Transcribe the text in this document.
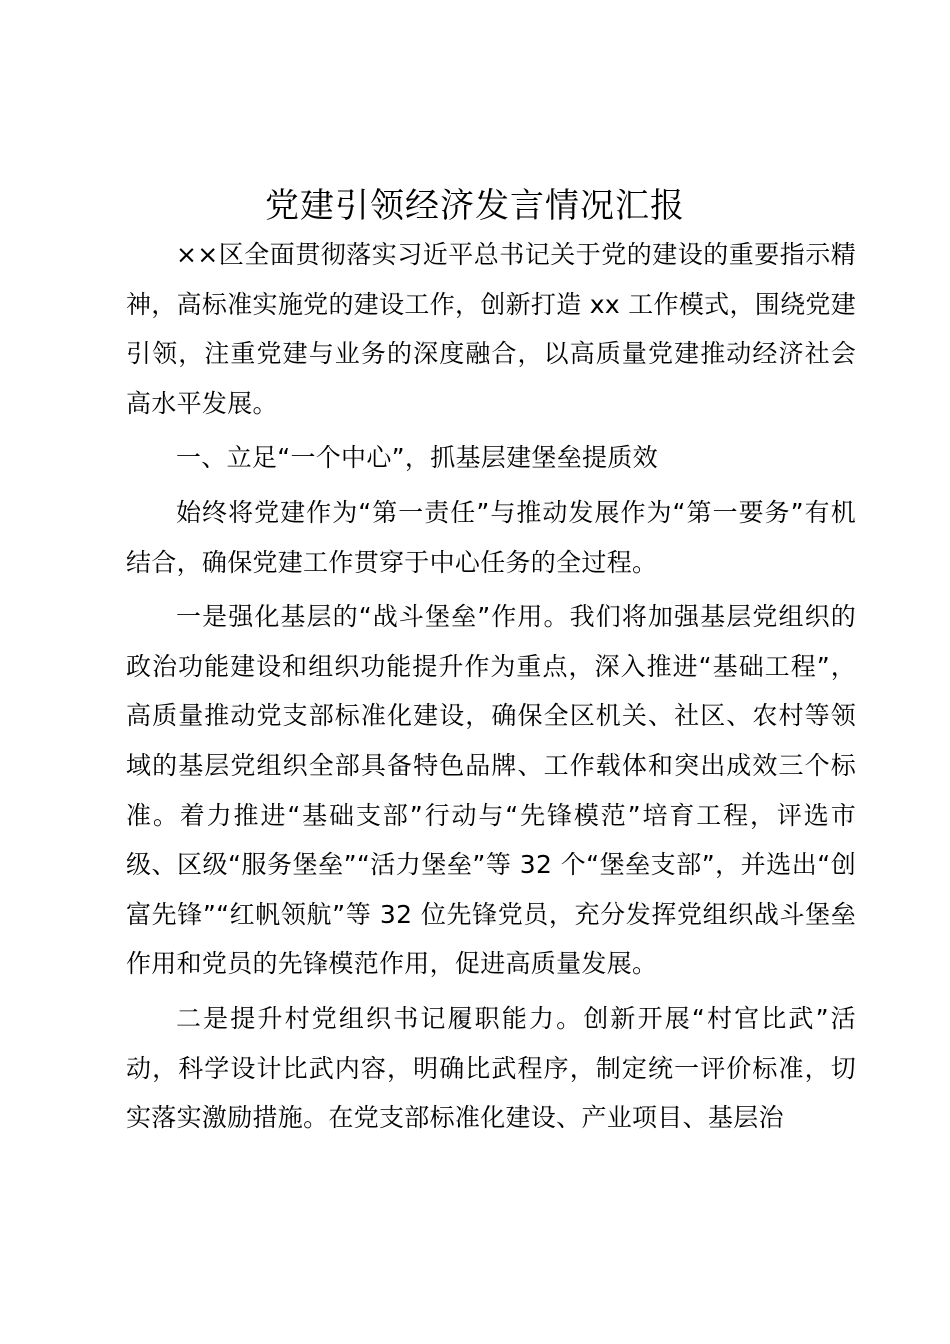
党建引领经济发言情况汇报

××区全面贯彻落实习近平总书记关于党的建设的重要指示精神，高标准实施党的建设工作，创新打造 xx 工作模式，围绕党建引领，注重党建与业务的深度融合，以高质量党建推动经济社会高水平发展。

一、立足“一个中心”，抓基层建堡垒提质效

始终将党建作为“第一责任”与推动发展作为“第一要务”有机结合，确保党建工作贯穿于中心任务的全过程。

一是强化基层的“战斗堡垒”作用。我们将加强基层党组织的政治功能建设和组织功能提升作为重点，深入推进“基础工程”，高质量推动党支部标准化建设，确保全区机关、社区、农村等领域的基层党组织全部具备特色品牌、工作载体和突出成效三个标准。着力推进“基础支部”行动与“先锋模范”培育工程，评选市级、区级“服务堡垒”“活力堡垒”等 32 个“堡垒支部”，并选出“创富先锋”“红帆领航”等 32 位先锋党员，充分发挥党组织战斗堡垒作用和党员的先锋模范作用，促进高质量发展。

二是提升村党组织书记履职能力。创新开展“村官比武”活动，科学设计比武内容，明确比武程序，制定统一评价标准，切实落实激励措施。在党支部标准化建设、产业项目、基层治
